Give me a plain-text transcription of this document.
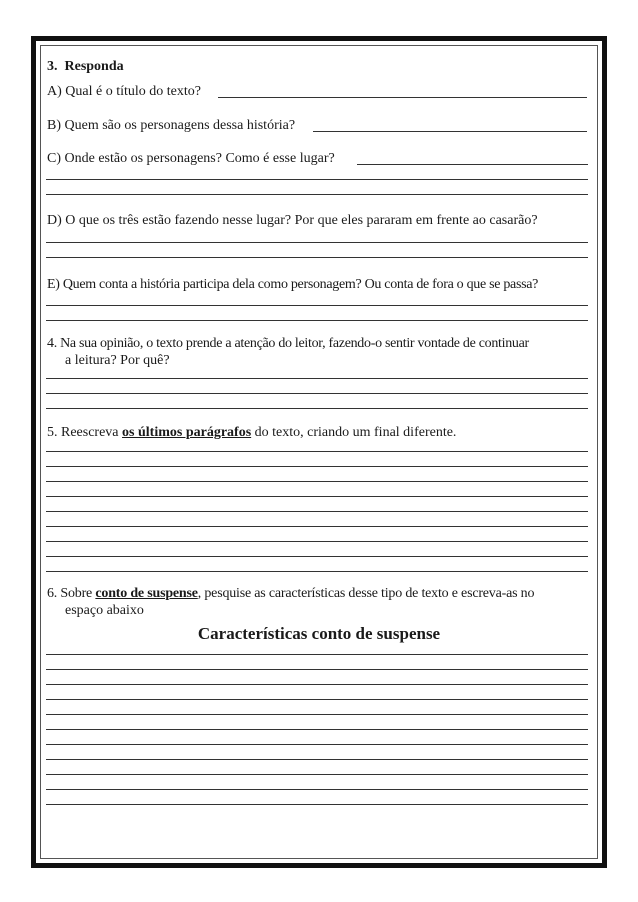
3. Responda
A) Qual é o título do texto?
B) Quem são os personagens dessa história?
C) Onde estão os personagens? Como é esse lugar?
D) O que os três estão fazendo nesse lugar? Por que eles pararam em frente ao casarão?
E) Quem conta a história participa dela como personagem? Ou conta de fora o que se passa?
4. Na sua opinião, o texto prende a atenção do leitor, fazendo-o sentir vontade de continuar
a leitura? Por quê?
5. Reescreva os últimos parágrafos do texto, criando um final diferente.
6. Sobre conto de suspense, pesquise as características desse tipo de texto e escreva-as no
espaço abaixo
Características conto de suspense
